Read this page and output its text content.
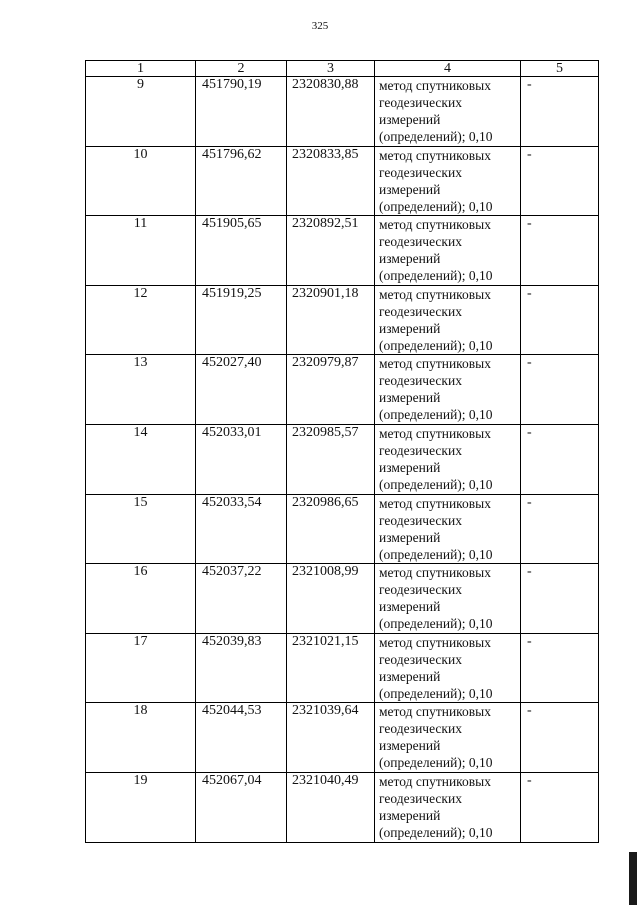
325
1	2	3	4	5
9	451790,19	2320830,88	метод спутниковых
геодезических
измерений
(определений); 0,10	-
10	451796,62	2320833,85	метод спутниковых
геодезических
измерений
(определений); 0,10	-
11	451905,65	2320892,51	метод спутниковых
геодезических
измерений
(определений); 0,10	-
12	451919,25	2320901,18	метод спутниковых
геодезических
измерений
(определений); 0,10	-
13	452027,40	2320979,87	метод спутниковых
геодезических
измерений
(определений); 0,10	-
14	452033,01	2320985,57	метод спутниковых
геодезических
измерений
(определений); 0,10	-
15	452033,54	2320986,65	метод спутниковых
геодезических
измерений
(определений); 0,10	-
16	452037,22	2321008,99	метод спутниковых
геодезических
измерений
(определений); 0,10	-
17	452039,83	2321021,15	метод спутниковых
геодезических
измерений
(определений); 0,10	-
18	452044,53	2321039,64	метод спутниковых
геодезических
измерений
(определений); 0,10	-
19	452067,04	2321040,49	метод спутниковых
геодезических
измерений
(определений); 0,10	-
